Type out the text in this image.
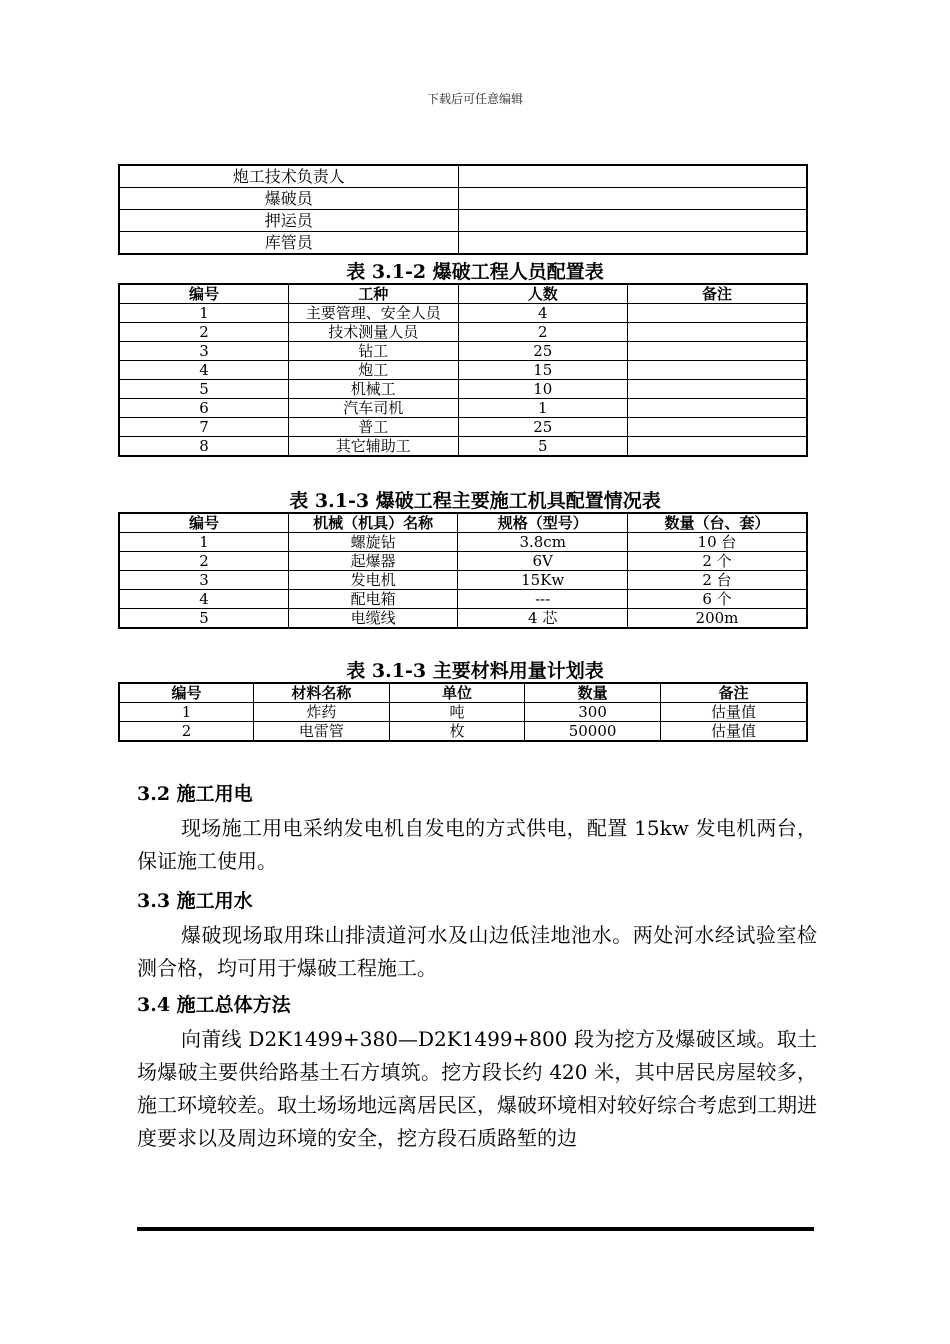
下载后可任意编辑
炮工技术负责人	
爆破员	
押运员	
库管员	
表 3.1-2 爆破工程人员配置表
编号	工种	人数	备注
1	主要管理、安全人员	4	
2	技术测量人员	2	
3	钻工	25	
4	炮工	15	
5	机械工	10	
6	汽车司机	1	
7	普工	25	
8	其它辅助工	5	
表 3.1-3 爆破工程主要施工机具配置情况表
编号	机械（机具）名称	规格（型号）	数量（台、套）
1	螺旋钻	3.8cm	10 台
2	起爆器	6V	2 个
3	发电机	15Kw	2 台
4	配电箱	---	6 个
5	电缆线	4 芯	200m
表 3.1-3 主要材料用量计划表
编号	材料名称	单位	数量	备注
1	炸药	吨	300	估量值
2	电雷管	枚	50000	估量值
3.2 施工用电

现场施工用电采纳发电机自发电的方式供电，配置 15kw 发电机两台，保证施工使用。

3.3 施工用水

爆破现场取用珠山排渍道河水及山边低洼地池水。两处河水经试验室检测合格，均可用于爆破工程施工。

3.4 施工总体方法

向莆线 D2K1499+380—D2K1499+800 段为挖方及爆破区域。取土场爆破主要供给路基土石方填筑。挖方段长约 420 米，其中居民房屋较多，施工环境较差。取土场场地远离居民区，爆破环境相对较好综合考虑到工期进度要求以及周边环境的安全，挖方段石质路堑的边
